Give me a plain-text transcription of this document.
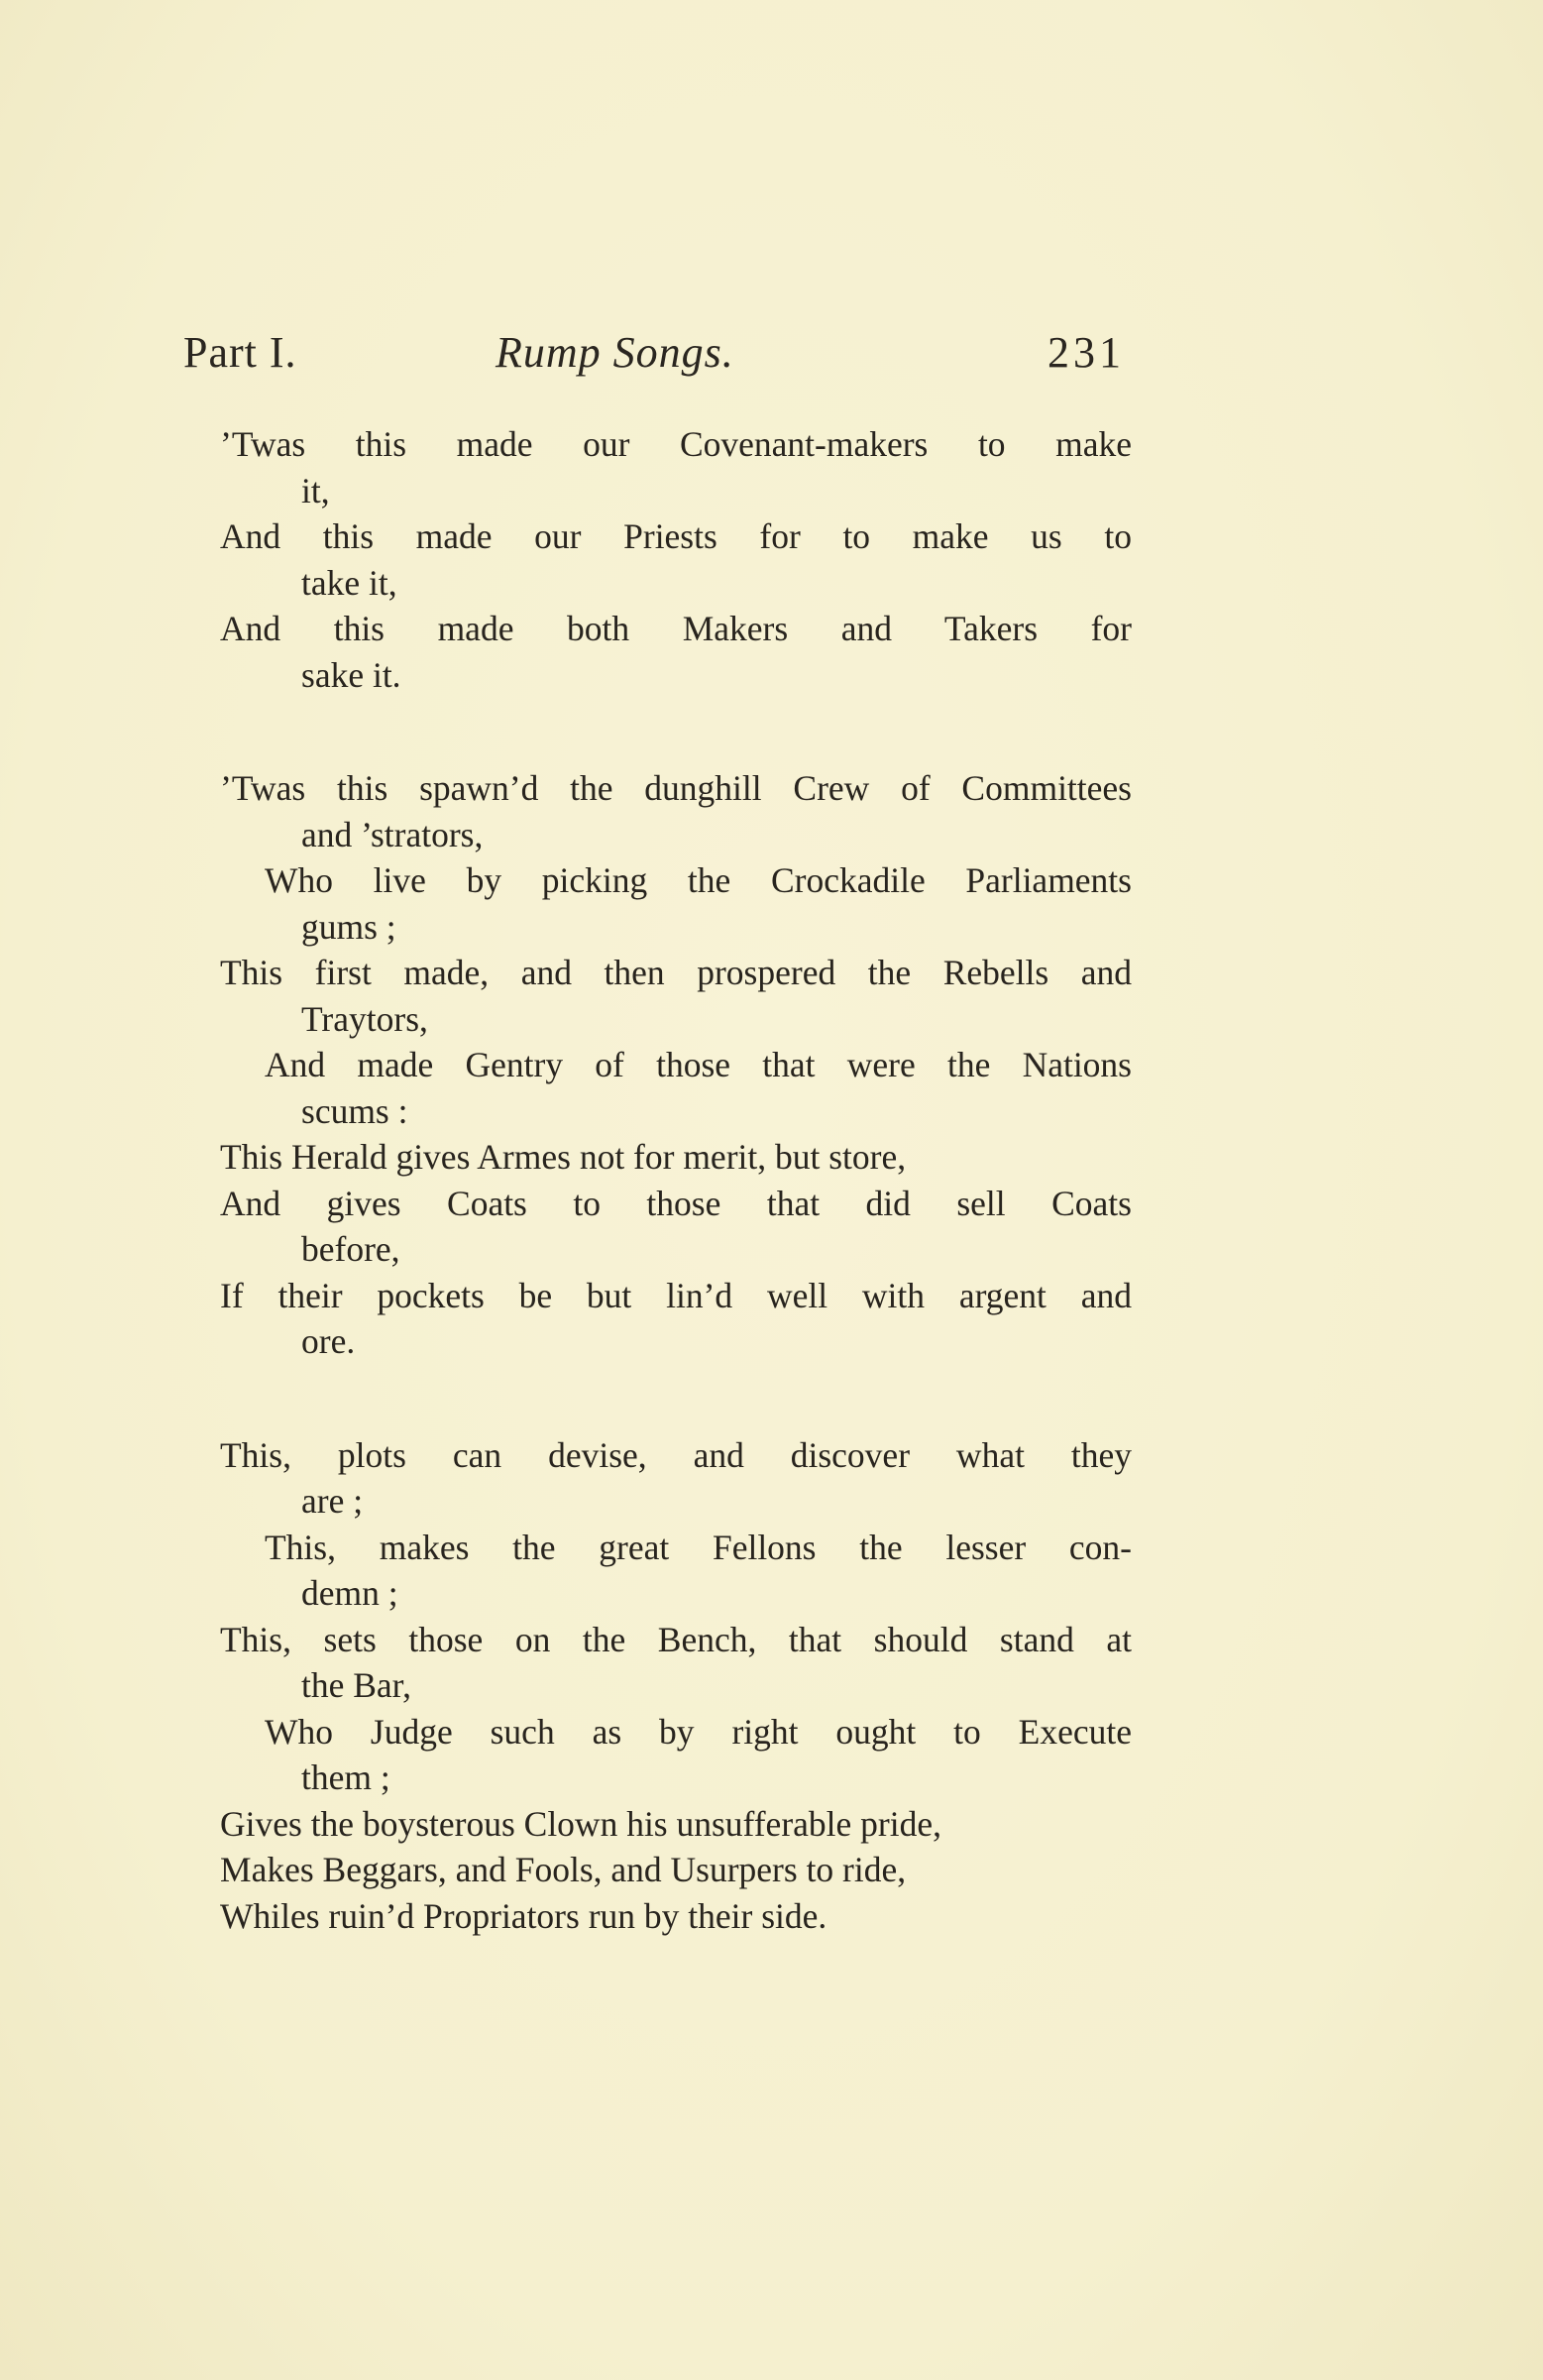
Part I.	Rump Songs.	231
’Twas this made our Covenant-makers to make
it,
And this made our Priests for to make us to
take it,
And this made both Makers and Takers for
sake it.
’Twas this spawn’d the dunghill Crew of Committees
and ’strators,
Who live by picking the Crockadile Parliaments
gums ;
This first made, and then prospered the Rebells and
Traytors,
And made Gentry of those that were the Nations
scums :
This Herald gives Armes not for merit, but store,
And gives Coats to those that did sell Coats
before,
If their pockets be but lin’d well with argent and
ore.
This, plots can devise, and discover what they
are ;
This, makes the great Fellons the lesser con-
demn ;
This, sets those on the Bench, that should stand at
the Bar,
Who Judge such as by right ought to Execute
them ;
Gives the boysterous Clown his unsufferable pride,
Makes Beggars, and Fools, and Usurpers to ride,
Whiles ruin’d Propriators run by their side.
